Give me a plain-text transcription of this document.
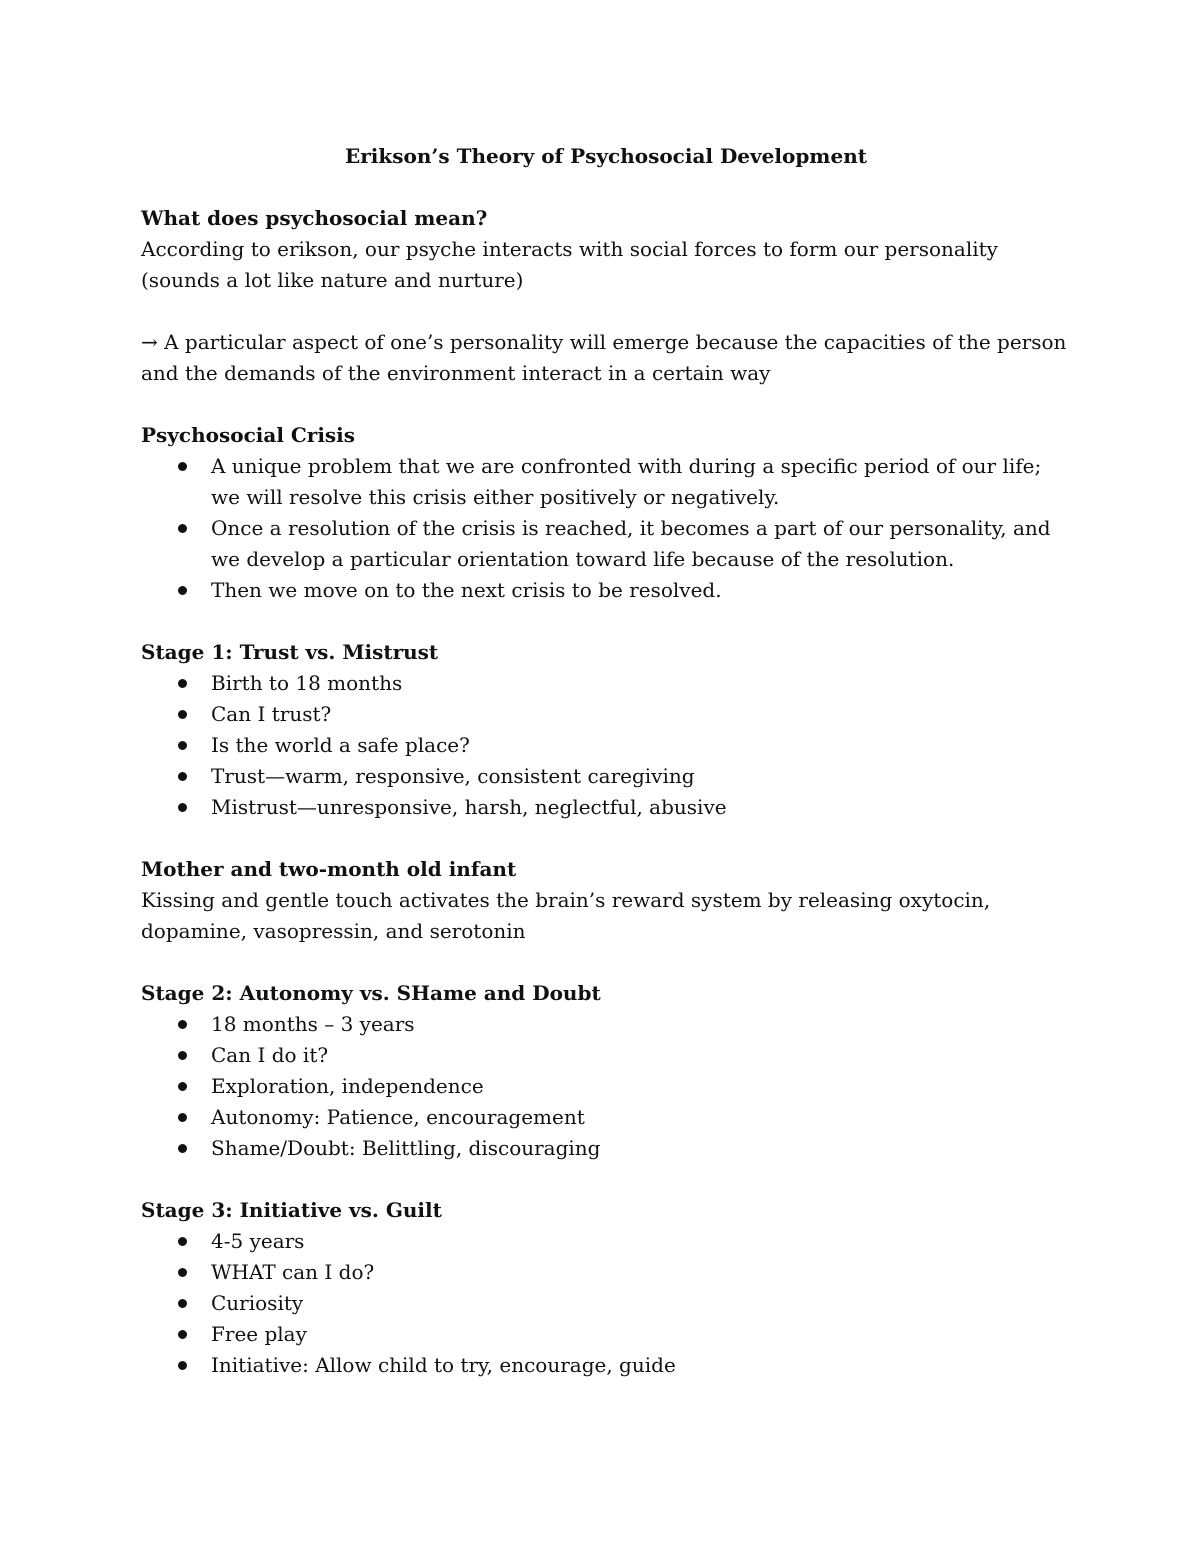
Erikson’s Theory of Psychosocial Development

What does psychosocial mean?

According to erikson, our psyche interacts with social forces to form our personality

(sounds a lot like nature and nurture)

→ A particular aspect of one’s personality will emerge because the capacities of the person and the demands of the environment interact in a certain way

Psychosocial Crisis

A unique problem that we are confronted with during a specific period of our life; we will resolve this crisis either positively or negatively.
Once a resolution of the crisis is reached, it becomes a part of our personality, and we develop a particular orientation toward life because of the resolution.
Then we move on to the next crisis to be resolved.

Stage 1: Trust vs. Mistrust

Birth to 18 months
Can I trust?
Is the world a safe place?
Trust—warm, responsive, consistent caregiving
Mistrust—unresponsive, harsh, neglectful, abusive

Mother and two-month old infant

Kissing and gentle touch activates the brain’s reward system by releasing oxytocin, dopamine, vasopressin, and serotonin

Stage 2: Autonomy vs. SHame and Doubt

18 months – 3 years
Can I do it?
Exploration, independence
Autonomy: Patience, encouragement
Shame/Doubt: Belittling, discouraging

Stage 3: Initiative vs. Guilt

4-5 years
WHAT can I do?
Curiosity
Free play
Initiative: Allow child to try, encourage, guide
